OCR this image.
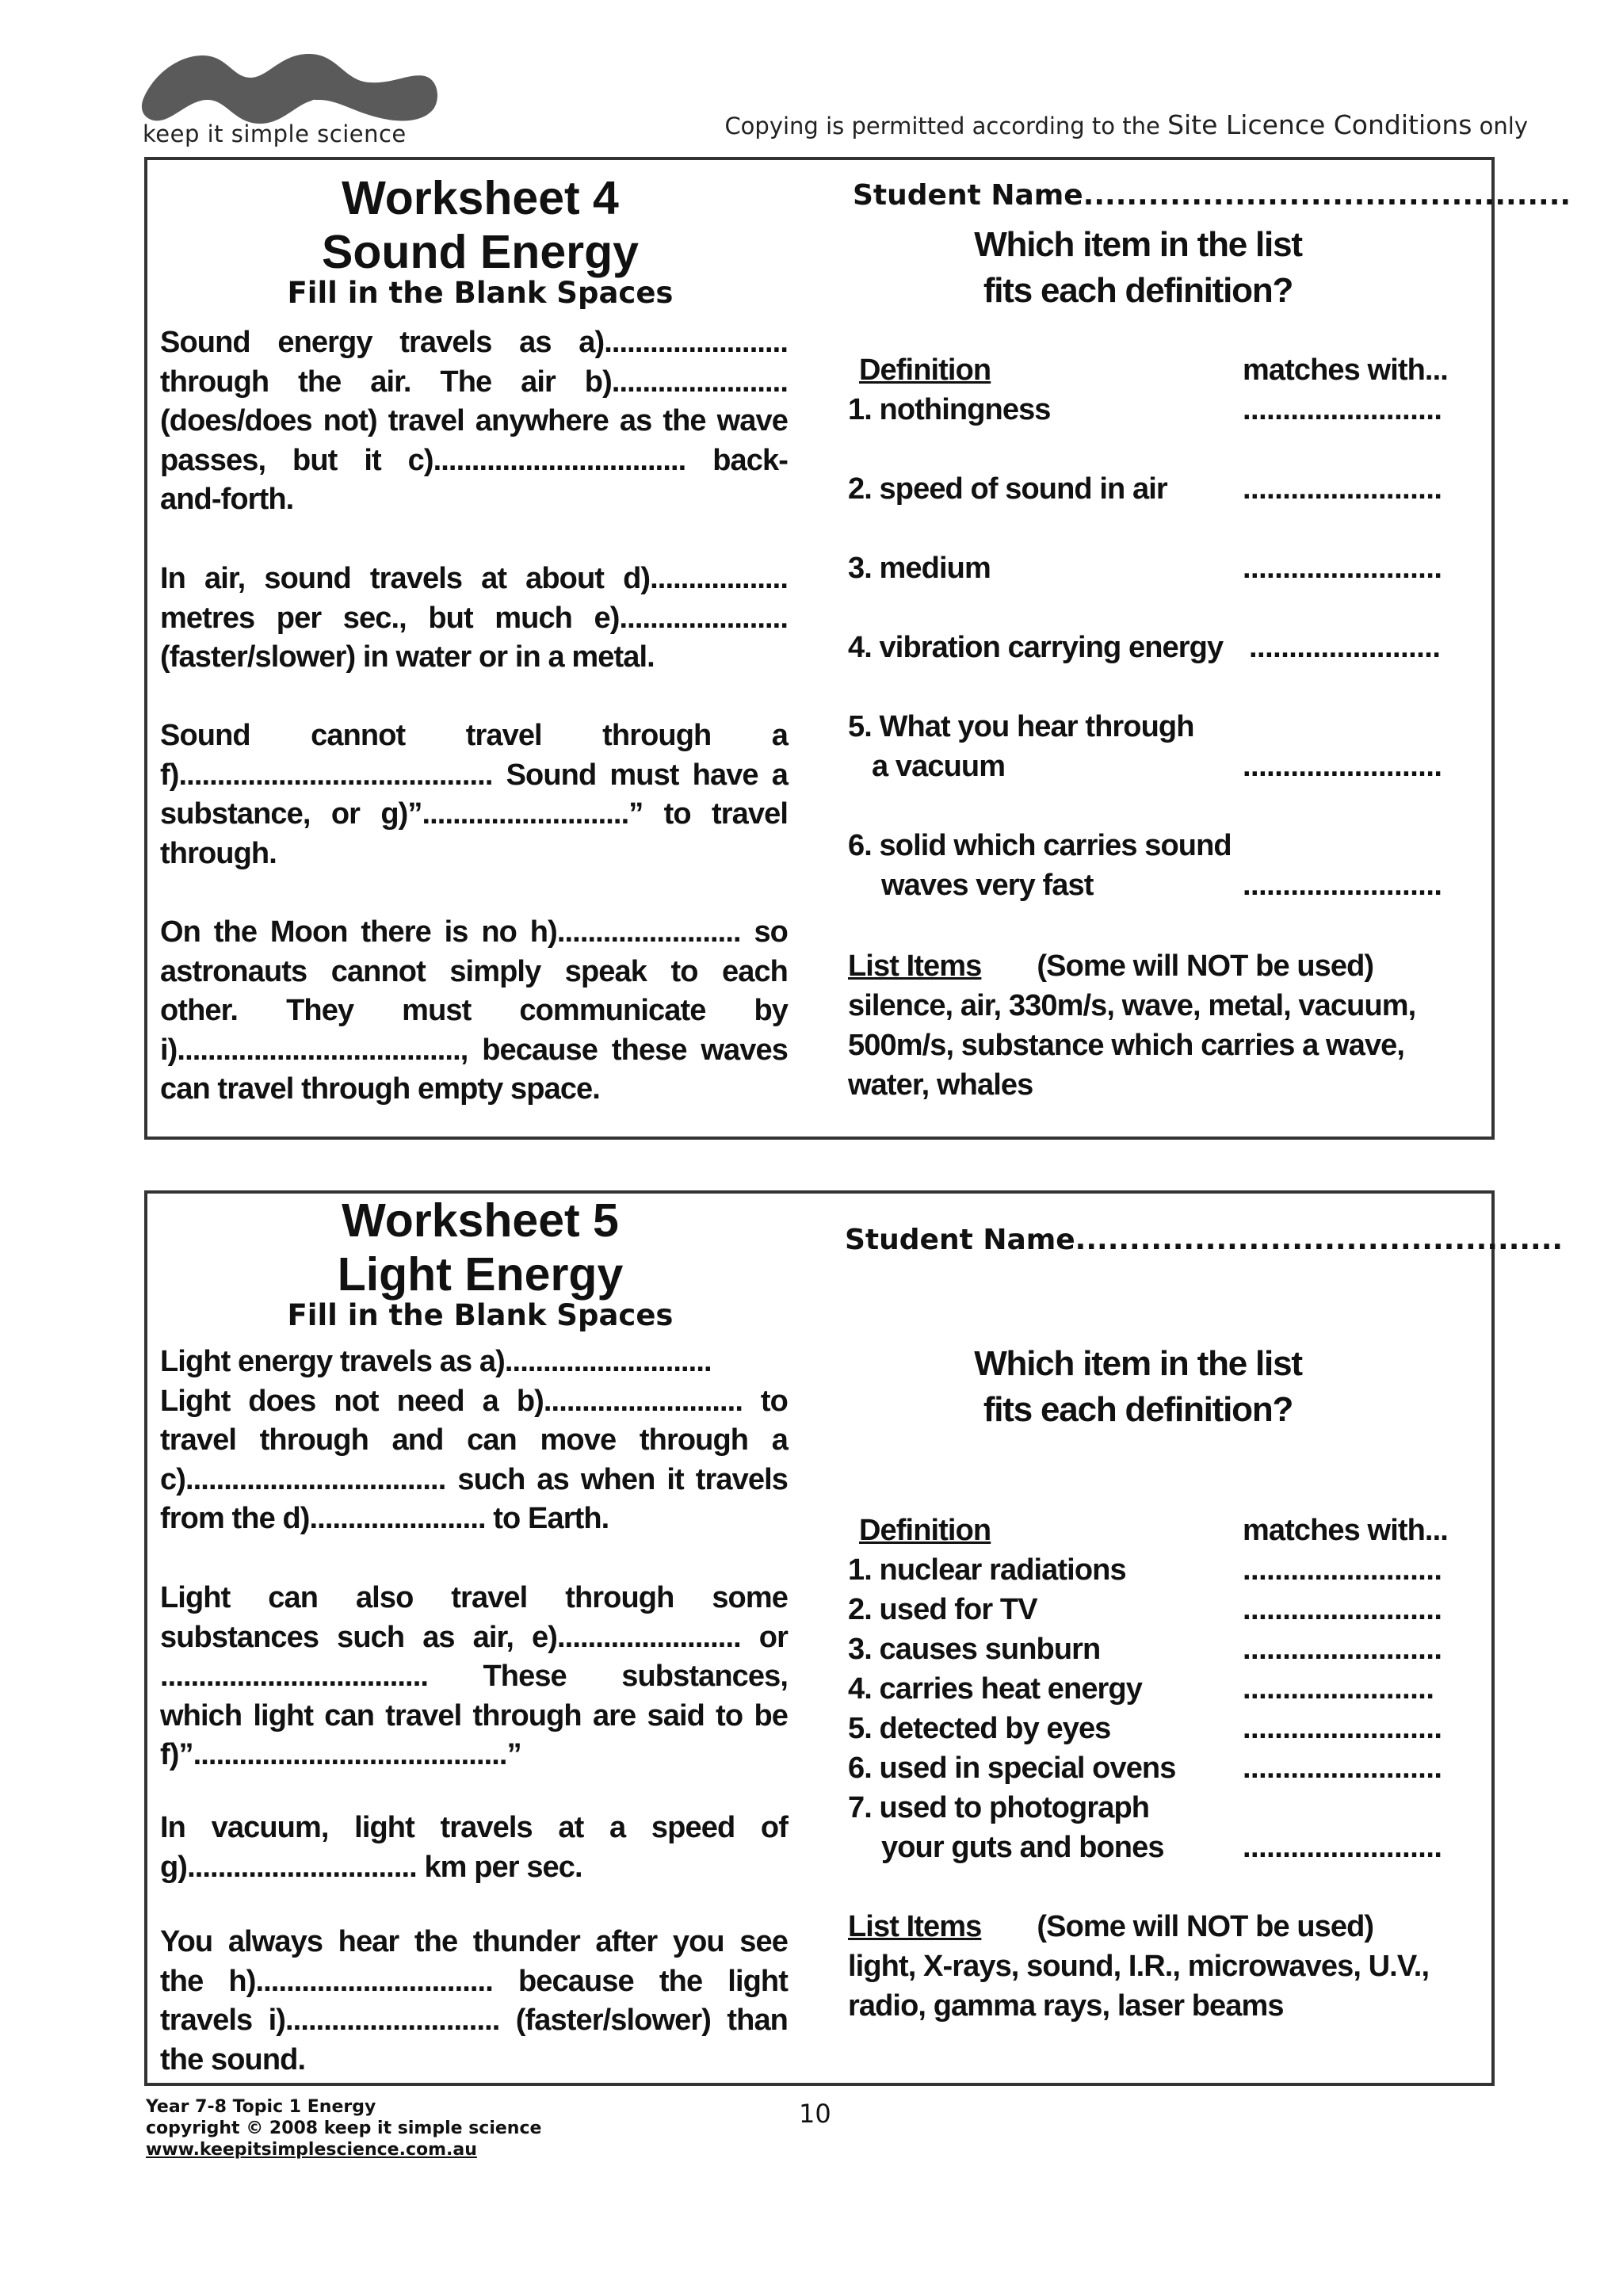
®
keep it simple science	Copying is permitted according to the Site Licence Conditions only
Worksheet 4
Sound Energy
Fill in the Blank Spaces
Sound energy travels as a)........................
through the air. The air b).......................
(does/does not) travel anywhere as the wave
passes, but it c)................................. back-
and-forth.
In air, sound travels at about d)..................
metres per sec., but much e)......................
(faster/slower) in water or in a metal.
Sound cannot travel through a
f)......................................... Sound must have a
substance, or g)”...........................” to travel
through.
On the Moon there is no h)........................ so
astronauts cannot simply speak to each
other. They must communicate by
i)....................................., because these waves
can travel through empty space.
Student Name.............................................
Which item in the list
fits each definition?
Definition	matches with...
1. nothingness	.........................
2. speed of sound in air	.........................
3. medium	.........................
4. vibration carrying energy ........................
5. What you hear through
a vacuum	.........................
6. solid which carries sound
waves very fast	.........................
List Items (Some will NOT be used)
silence, air, 330m/s, wave, metal, vacuum,
500m/s, substance which carries a wave,
water, whales
Worksheet 5
Light Energy
Fill in the Blank Spaces
Light energy travels as a)...........................
Light does not need a b).......................... to
travel through and can move through a
c).................................. such as when it travels
from the d)....................... to Earth.
Light can also travel through some
substances such as air, e)........................ or
................................... These substances,
which light can travel through are said to be
f)”.........................................”
In vacuum, light travels at a speed of
g).............................. km per sec.
You always hear the thunder after you see
the h)............................... because the light
travels i)............................ (faster/slower) than
the sound.
Student Name.............................................
Which item in the list
fits each definition?
Definition	matches with...
1. nuclear radiations	.........................
2. used for TV	.........................
3. causes sunburn	.........................
4. carries heat energy	........................
5. detected by eyes	.........................
6. used in special ovens .........................
7. used to photograph
your guts and bones	.........................
List Items (Some will NOT be used)
light, X-rays, sound, I.R., microwaves, U.V.,
radio, gamma rays, laser beams
Year 7-8 Topic 1 Energy
copyright © 2008 keep it simple science
www.keepitsimplescience.com.au
10
